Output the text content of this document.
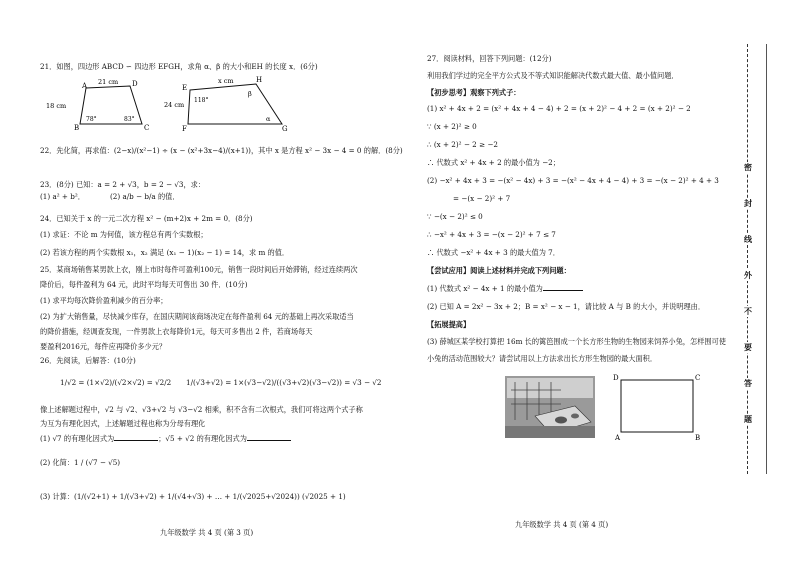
21．如图，四边形 ABCD ∽ 四边形 EFGH，求角 α、β 的大小和EH 的长度 x．(6分)
A	D
B	C
21 cm
18 cm
78°	83°
E
H
F	G
x cm
24 cm
118°
β
α
22．先化简，再求值：(2−x)/(x²−1) ÷ (x − (x²+3x−4)/(x+1))，其中 x 是方程 x² − 3x − 4 = 0 的解．(8分)
23．(8分) 已知：a = 2 + √3，b = 2 − √3，求：
(1) a² + b²．	(2) a/b − b/a 的值．
24．已知关于 x 的一元二次方程 x² − (m+2)x + 2m = 0．(8分)
(1) 求证：不论 m 为何值，该方程总有两个实数根；
(2) 若该方程的两个实数根 x₁，x₂ 满足 (x₁ − 1)(x₂ − 1) = 14，求 m 的值．
25．某商场销售某男款上衣，刚上市时每件可盈利100元，销售一段时间后开始滞销，经过连续两次
降价后，每件盈利为 64 元，此时平均每天可售出 30 件．(10分)
(1) 求平均每次降价盈利减少的百分率；
(2) 为扩大销售量，尽快减少库存，在国庆期间该商场决定在每件盈利 64 元的基础上再次采取适当
的降价措施，经调查发现，一件男款上衣每降价1元，每天可多售出 2 件，若商场每天
要盈利2016元，每件应再降价多少元？
26．先阅读，后解答：(10分)
1/√2 = (1×√2)/(√2×√2) = √2/2 1/(√3+√2) = 1×(√3−√2)/((√3+√2)(√3−√2)) = √3 − √2
像上述解题过程中，√2 与 √2、√3+√2 与 √3−√2 相乘，积不含有二次根式，我们可将这两个式子称
为互为有理化因式，上述解题过程也称为分母有理化
(1) √7 的有理化因式为	；√5 + √2 的有理化因式为
(2) 化简：1 / (√7 − √5)
(3) 计算：(1/(√2+1) + 1/(√3+√2) + 1/(√4+√3) + … + 1/(√2025+√2024)) (√2025 + 1)
九年级数学 共 4 页 (第 3 页)
27．阅读材料，回答下列问题：(12分)
利用我们学过的完全平方公式及不等式知识能解决代数式最大值、最小值问题．
【初步思考】观察下列式子：
(1) x² + 4x + 2 = (x² + 4x + 4 − 4) + 2 = (x + 2)² − 4 + 2 = (x + 2)² − 2
∵ (x + 2)² ≥ 0
∴ (x + 2)² − 2 ≥ −2
∴ 代数式 x² + 4x + 2 的最小值为 −2；
(2) −x² + 4x + 3 = −(x² − 4x) + 3 = −(x² − 4x + 4 − 4) + 3 = −(x − 2)² + 4 + 3
= −(x − 2)² + 7
∵ −(x − 2)² ≤ 0
∴ −x² + 4x + 3 = −(x − 2)² + 7 ≤ 7
∴ 代数式 −x² + 4x + 3 的最大值为 7．
【尝试应用】阅读上述材料并完成下列问题：
(1) 代数式 x² − 4x + 1 的最小值为
(2) 已知 A = 2x² − 3x + 2；B = x² − x − 1，请比较 A 与 B 的大小，并说明理由．
【拓展提高】
(3) 薛城区某学校打算把 16m 长的篱笆围成一个长方形生物的生物园来饲养小兔，怎样围可使
小兔的活动范围较大？请尝试用以上方法求出长方形生物园的最大面积．
D	C
A	B
九年级数学 共 4 页 (第 4 页)
密
封
线
外
不
要
答
题
